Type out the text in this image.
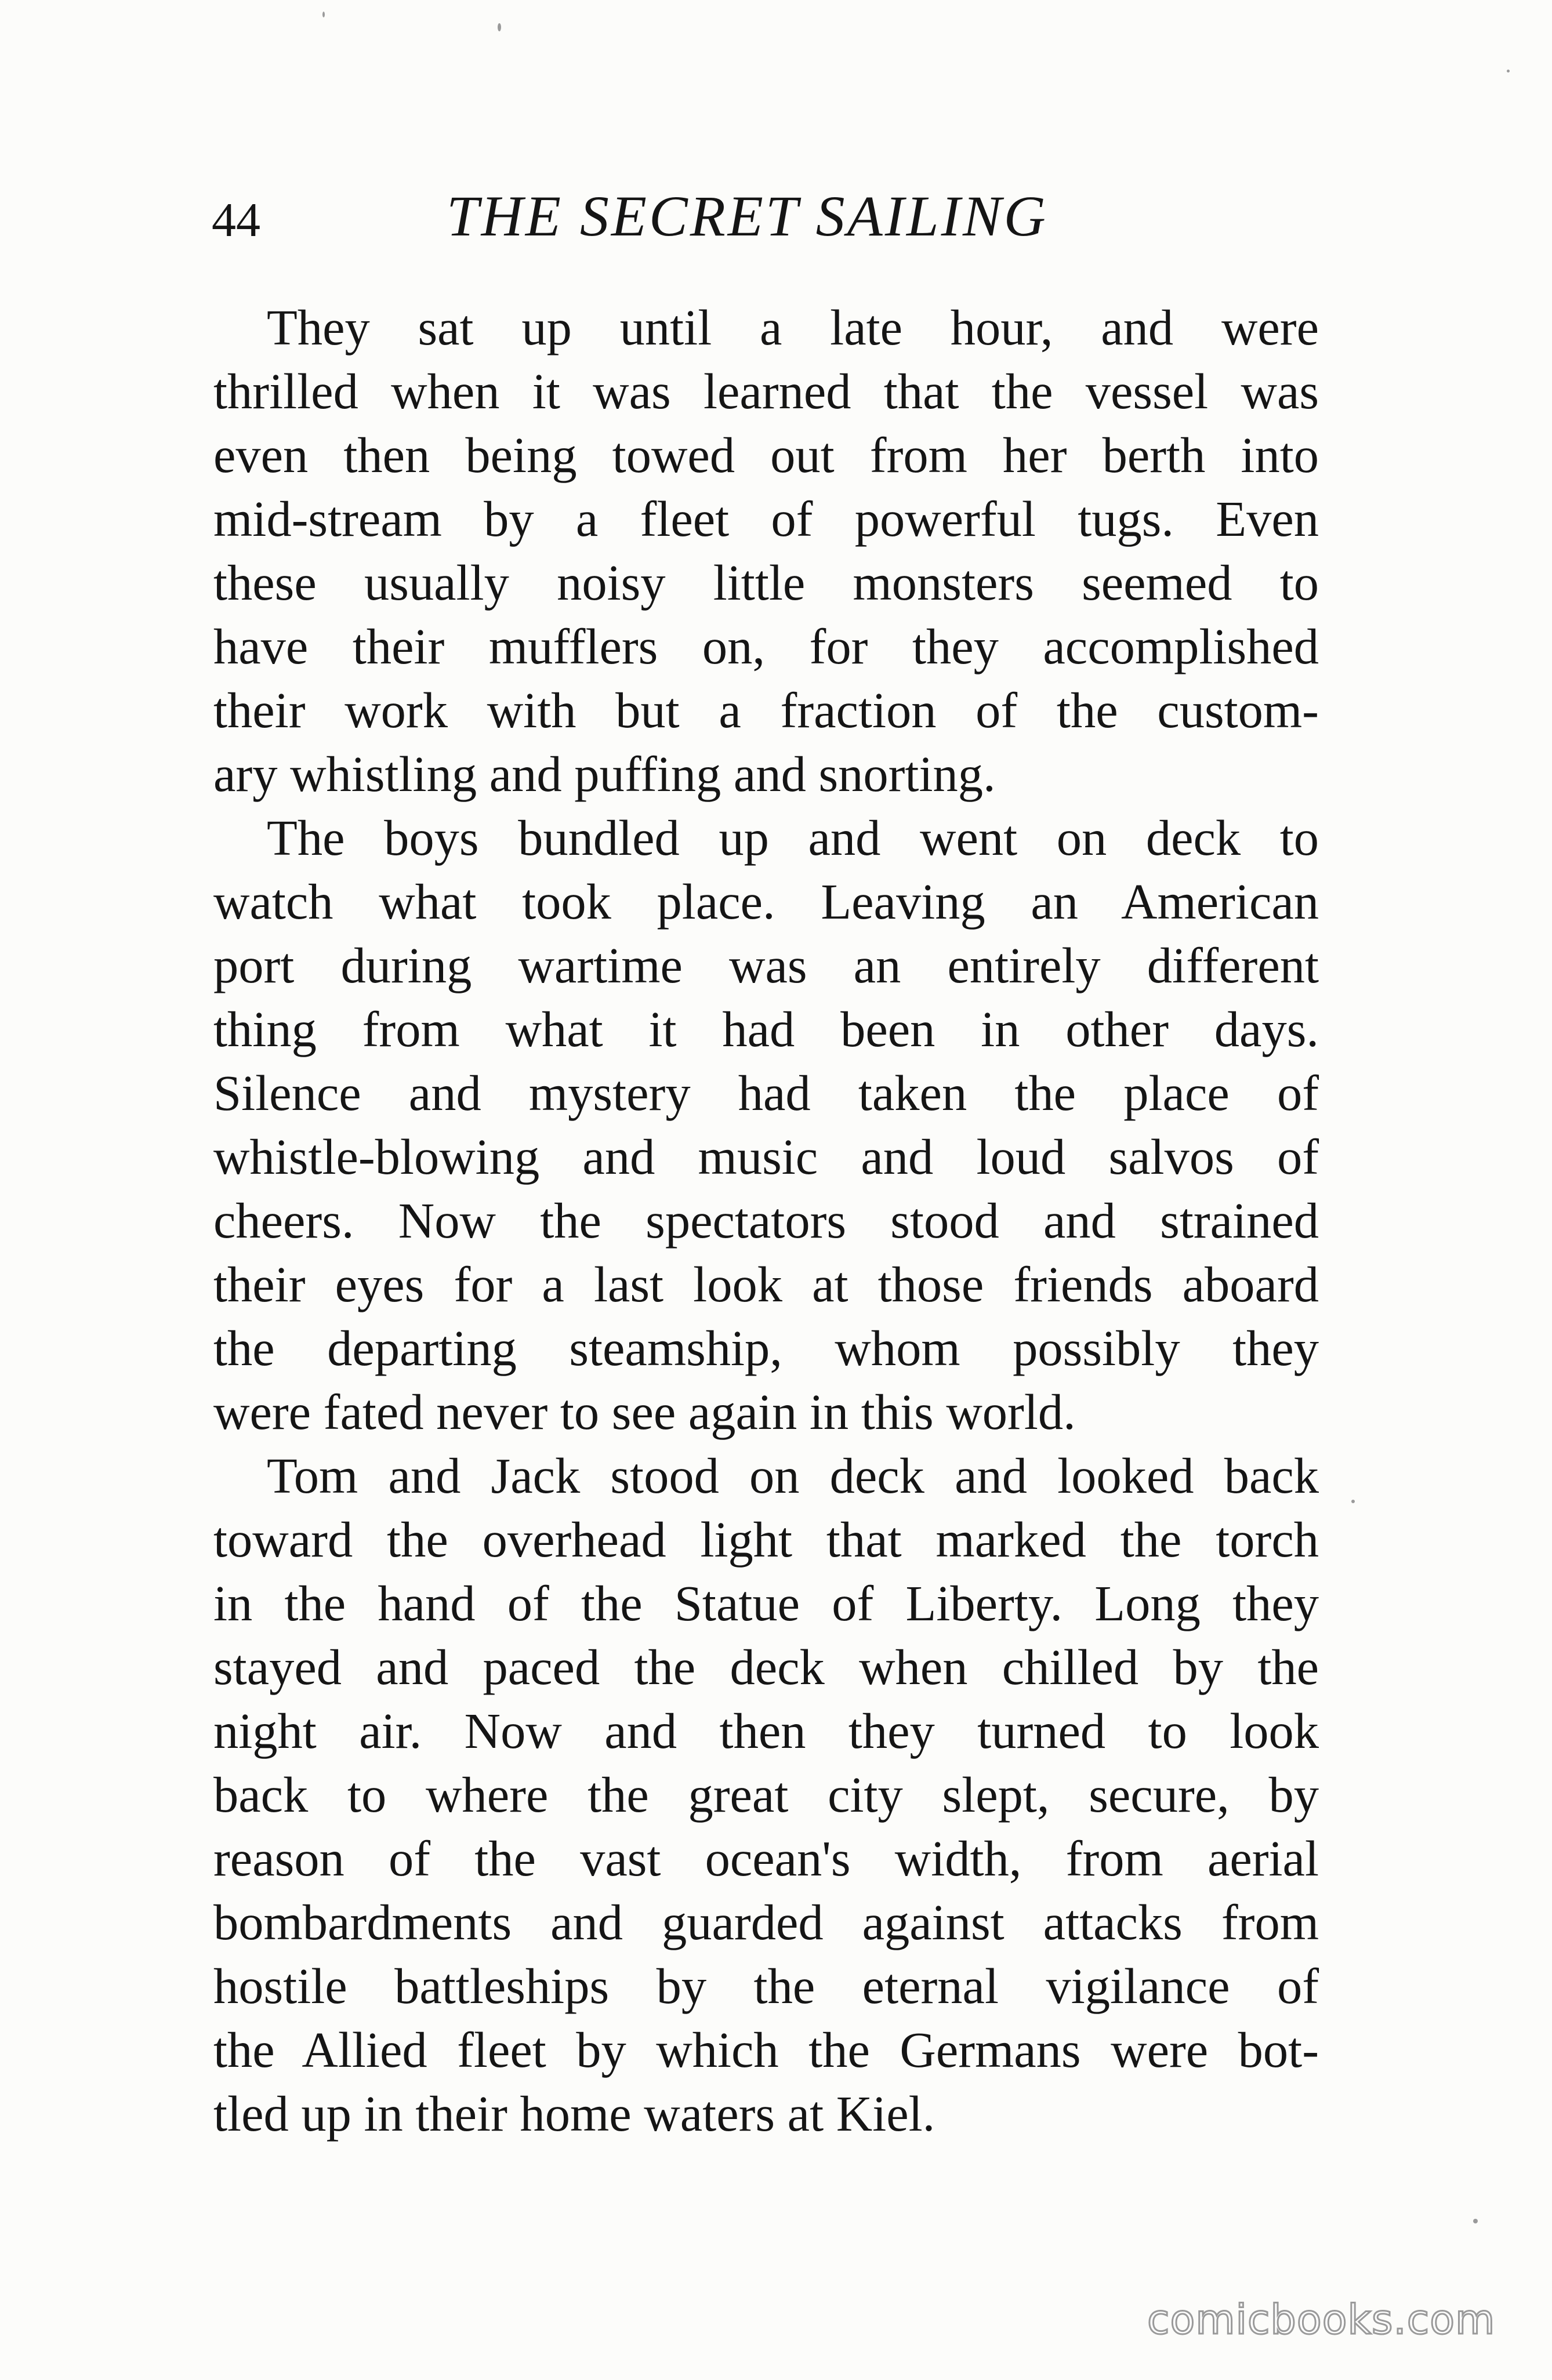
44	THE SECRET SAILING
They sat up until a late hour, and were
thrilled when it was learned that the vessel was
even then being towed out from her berth into
mid-stream by a fleet of powerful tugs. Even
these usually noisy little monsters seemed to
have their mufflers on, for they accomplished
their work with but a fraction of the custom-
ary whistling and puffing and snorting.
The boys bundled up and went on deck to
watch what took place. Leaving an American
port during wartime was an entirely different
thing from what it had been in other days.
Silence and mystery had taken the place of
whistle-blowing and music and loud salvos of
cheers. Now the spectators stood and strained
their eyes for a last look at those friends aboard
the departing steamship, whom possibly they
were fated never to see again in this world.
Tom and Jack stood on deck and looked back
toward the overhead light that marked the torch
in the hand of the Statue of Liberty. Long they
stayed and paced the deck when chilled by the
night air. Now and then they turned to look
back to where the great city slept, secure, by
reason of the vast ocean's width, from aerial
bombardments and guarded against attacks from
hostile battleships by the eternal vigilance of
the Allied fleet by which the Germans were bot-
tled up in their home waters at Kiel.
comicbooks.com
